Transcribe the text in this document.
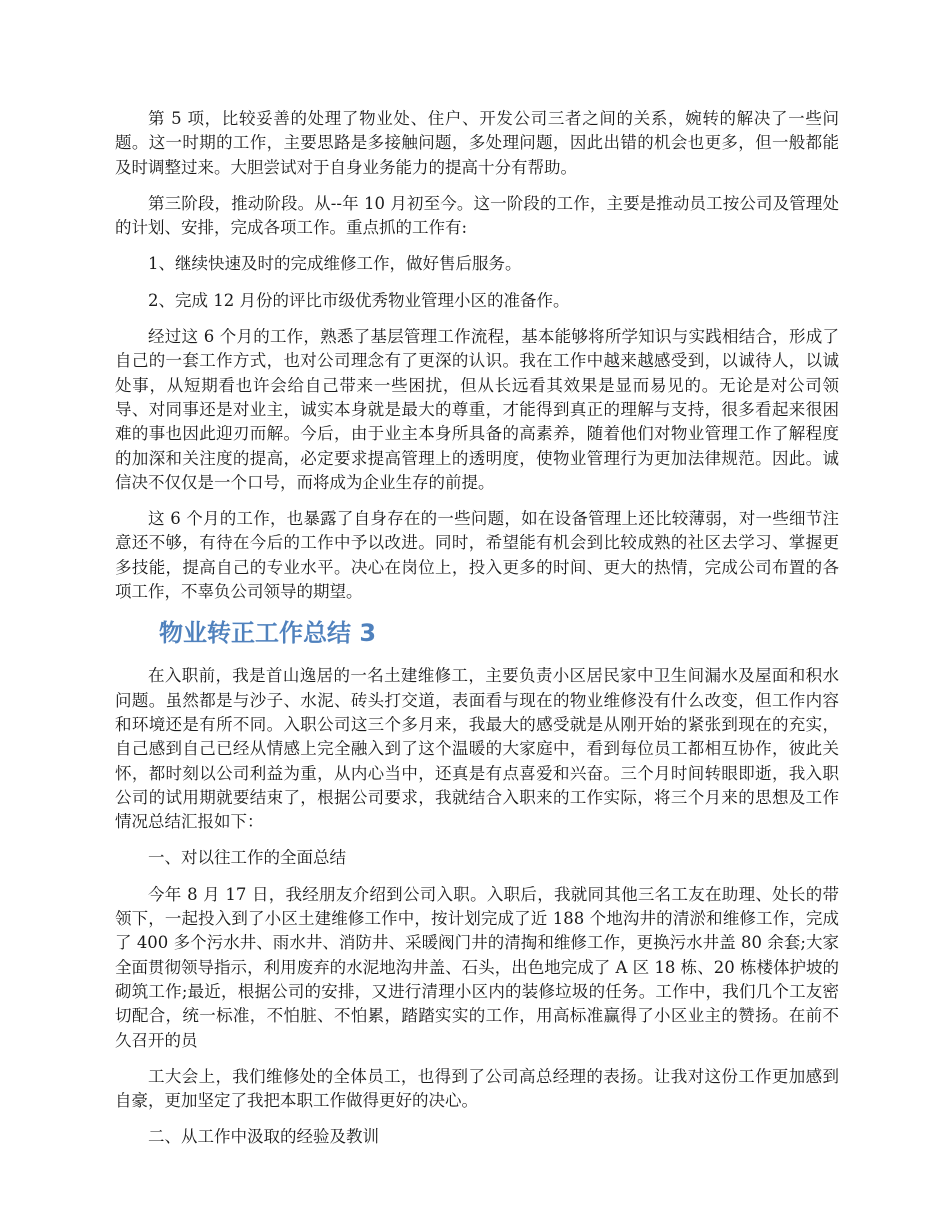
第 5 项，比较妥善的处理了物业处、住户、开发公司三者之间的关系，婉转的解决了一些问题。这一时期的工作，主要思路是多接触问题，多处理问题，因此出错的机会也更多，但一般都能及时调整过来。大胆尝试对于自身业务能力的提高十分有帮助。

第三阶段，推动阶段。从--年 10 月初至今。这一阶段的工作，主要是推动员工按公司及管理处的计划、安排，完成各项工作。重点抓的工作有:

1、继续快速及时的完成维修工作，做好售后服务。

2、完成 12 月份的评比市级优秀物业管理小区的准备作。

经过这 6 个月的工作，熟悉了基层管理工作流程，基本能够将所学知识与实践相结合，形成了自己的一套工作方式，也对公司理念有了更深的认识。我在工作中越来越感受到，以诚待人，以诚处事，从短期看也许会给自己带来一些困扰，但从长远看其效果是显而易见的。无论是对公司领导、对同事还是对业主，诚实本身就是最大的尊重，才能得到真正的理解与支持，很多看起来很困难的事也因此迎刃而解。今后，由于业主本身所具备的高素养，随着他们对物业管理工作了解程度的加深和关注度的提高，必定要求提高管理上的透明度，使物业管理行为更加法律规范。因此。诚信决不仅仅是一个口号，而将成为企业生存的前提。

这 6 个月的工作，也暴露了自身存在的一些问题，如在设备管理上还比较薄弱，对一些细节注意还不够，有待在今后的工作中予以改进。同时，希望能有机会到比较成熟的社区去学习、掌握更多技能，提高自己的专业水平。决心在岗位上，投入更多的时间、更大的热情，完成公司布置的各项工作，不辜负公司领导的期望。

物业转正工作总结 3

在入职前，我是首山逸居的一名土建维修工，主要负责小区居民家中卫生间漏水及屋面和积水问题。虽然都是与沙子、水泥、砖头打交道，表面看与现在的物业维修没有什么改变，但工作内容和环境还是有所不同。入职公司这三个多月来，我最大的感受就是从刚开始的紧张到现在的充实，自己感到自己已经从情感上完全融入到了这个温暖的大家庭中，看到每位员工都相互协作，彼此关怀，都时刻以公司利益为重，从内心当中，还真是有点喜爱和兴奋。三个月时间转眼即逝，我入职公司的试用期就要结束了，根据公司要求，我就结合入职来的工作实际，将三个月来的思想及工作情况总结汇报如下：

一、对以往工作的全面总结

今年 8 月 17 日，我经朋友介绍到公司入职。入职后，我就同其他三名工友在助理、处长的带领下，一起投入到了小区土建维修工作中，按计划完成了近 188 个地沟井的清淤和维修工作，完成了 400 多个污水井、雨水井、消防井、采暖阀门井的清掏和维修工作，更换污水井盖 80 余套;大家全面贯彻领导指示，利用废弃的水泥地沟井盖、石头，出色地完成了 A 区 18 栋、20 栋楼体护坡的砌筑工作;最近，根据公司的安排，又进行清理小区内的装修垃圾的任务。工作中，我们几个工友密切配合，统一标准，不怕脏、不怕累，踏踏实实的工作，用高标准赢得了小区业主的赞扬。在前不久召开的员

工大会上，我们维修处的全体员工，也得到了公司高总经理的表扬。让我对这份工作更加感到自豪，更加坚定了我把本职工作做得更好的决心。

二、从工作中汲取的经验及教训
